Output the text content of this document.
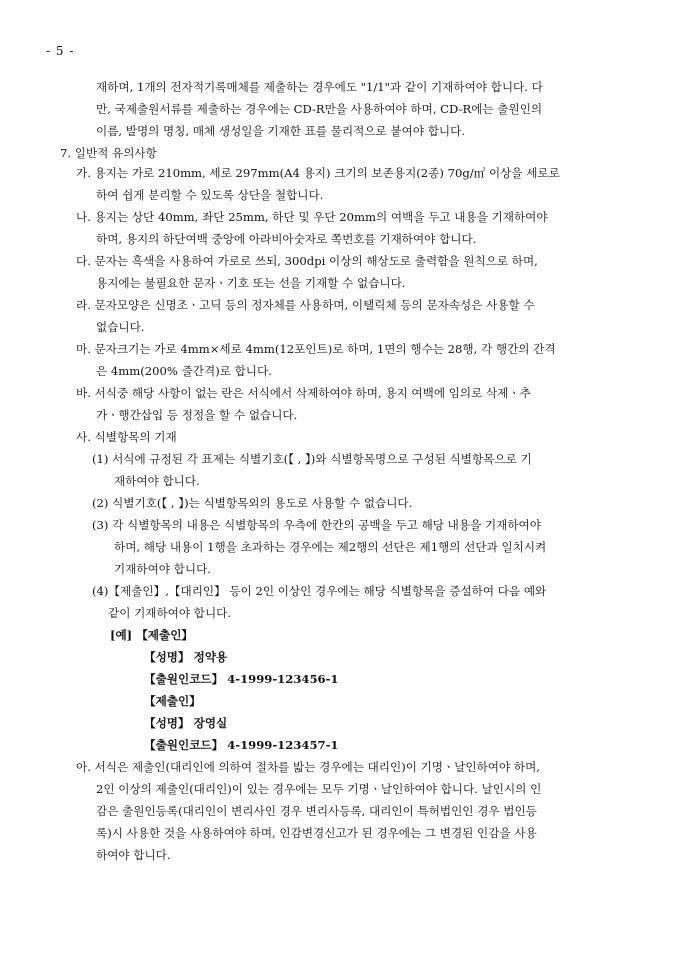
- 5 -
재하며, 1개의 전자적기록매체를 제출하는 경우에도 "1/1"과 같이 기재하여야 합니다. 다
만, 국제출원서류를 제출하는 경우에는 CD-R만을 사용하여야 하며, CD-R에는 출원인의
이름, 발명의 명칭, 매체 생성일을 기재한 표를 물리적으로 붙여야 합니다.
7. 일반적 유의사항
가. 용지는 가로 210mm, 세로 297mm(A4 용지) 크기의 보존용지(2종) 70g/㎡ 이상을 세로로
하여 쉽게 분리할 수 있도록 상단을 철합니다.
나. 용지는 상단 40mm, 좌단 25mm, 하단 및 우단 20mm의 여백을 두고 내용을 기재하여야
하며, 용지의 하단여백 중앙에 아라비아숫자로 쪽번호를 기재하여야 합니다.
다. 문자는 흑색을 사용하여 가로로 쓰되, 300dpi 이상의 해상도로 출력함을 원칙으로 하며,
용지에는 불필요한 문자ㆍ기호 또는 선을 기재할 수 없습니다.
라. 문자모양은 신명조ㆍ고딕 등의 정자체를 사용하며, 이탤릭체 등의 문자속성은 사용할 수
없습니다.
마. 문자크기는 가로 4mm×세로 4mm(12포인트)로 하며, 1면의 행수는 28행, 각 행간의 간격
은 4mm(200% 줄간격)로 합니다.
바. 서식중 해당 사항이 없는 란은 서식에서 삭제하여야 하며, 용지 여백에 임의로 삭제ㆍ추
가ㆍ행간삽입 등 정정을 할 수 없습니다.
사. 식별항목의 기재
(1) 서식에 규정된 각 표제는 식별기호(【 , 】)와 식별항목명으로 구성된 식별항목으로 기
재하여야 합니다.
(2) 식별기호(【 , 】)는 식별항목외의 용도로 사용할 수 없습니다.
(3) 각 식별항목의 내용은 식별항목의 우측에 한칸의 공백을 두고 해당 내용을 기재하여야
하며, 해당 내용이 1행을 초과하는 경우에는 제2행의 선단은 제1행의 선단과 일치시켜
기재하여야 합니다.
(4)【제출인】,【대리인】 등이 2인 이상인 경우에는 해당 식별항목을 증설하여 다음 예와
같이 기재하여야 합니다.
[예] 【제출인】
【성명】 정약용
【출원인코드】 4-1999-123456-1
【제출인】
【성명】 장영실
【출원인코드】 4-1999-123457-1
아. 서식은 제출인(대리인에 의하여 절차를 밟는 경우에는 대리인)이 기명ㆍ날인하여야 하며,
2인 이상의 제출인(대리인)이 있는 경우에는 모두 기명ㆍ날인하여야 합니다. 날인시의 인
감은 출원인등록(대리인이 변리사인 경우 변리사등록, 대리인이 특허법인인 경우 법인등
록)시 사용한 것을 사용하여야 하며, 인감변경신고가 된 경우에는 그 변경된 인감을 사용
하여야 합니다.
